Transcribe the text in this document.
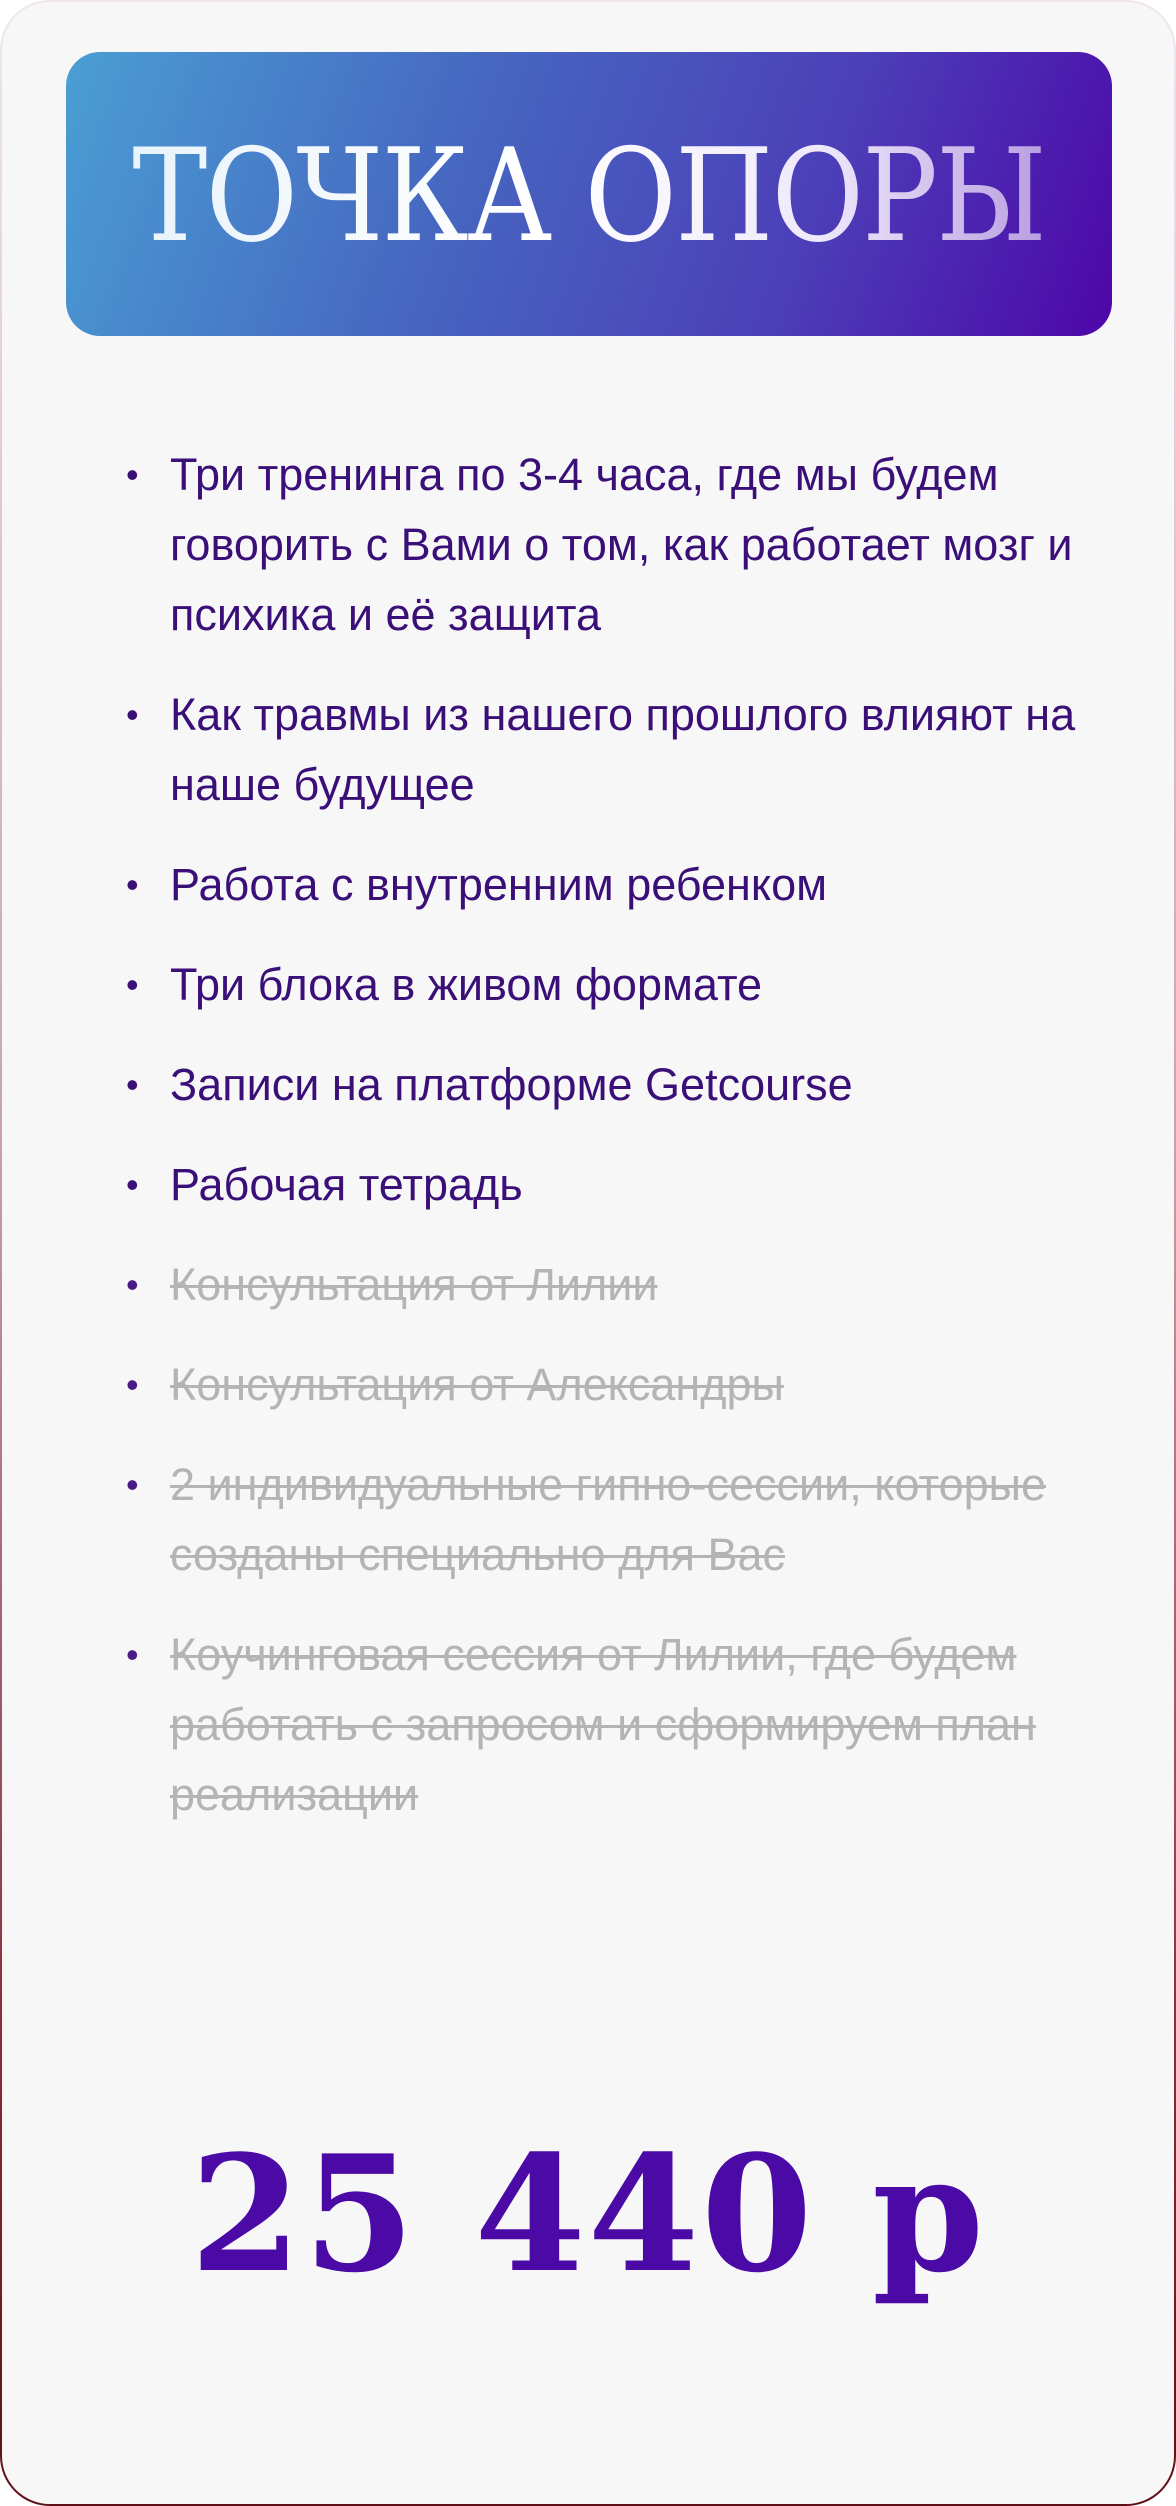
ТОЧКА ОПОРЫ
• Три тренинга по 3-4 часа, где мы будем говорить с Вами о том, как работает мозг и психика и её защита
• Как травмы из нашего прошлого влияют на наше будущее
• Работа с внутренним ребенком
• Три блока в живом формате
• Записи на платформе Getcourse
• Рабочая тетрадь
• Консультация от Лилии
• Консультация от Александры
• 2 индивидуальные гипно-сессии, которые созданы специально для Вас
• Коучинговая сессия от Лилии, где будем работать с запросом и сформируем план реализации
25 440 р
